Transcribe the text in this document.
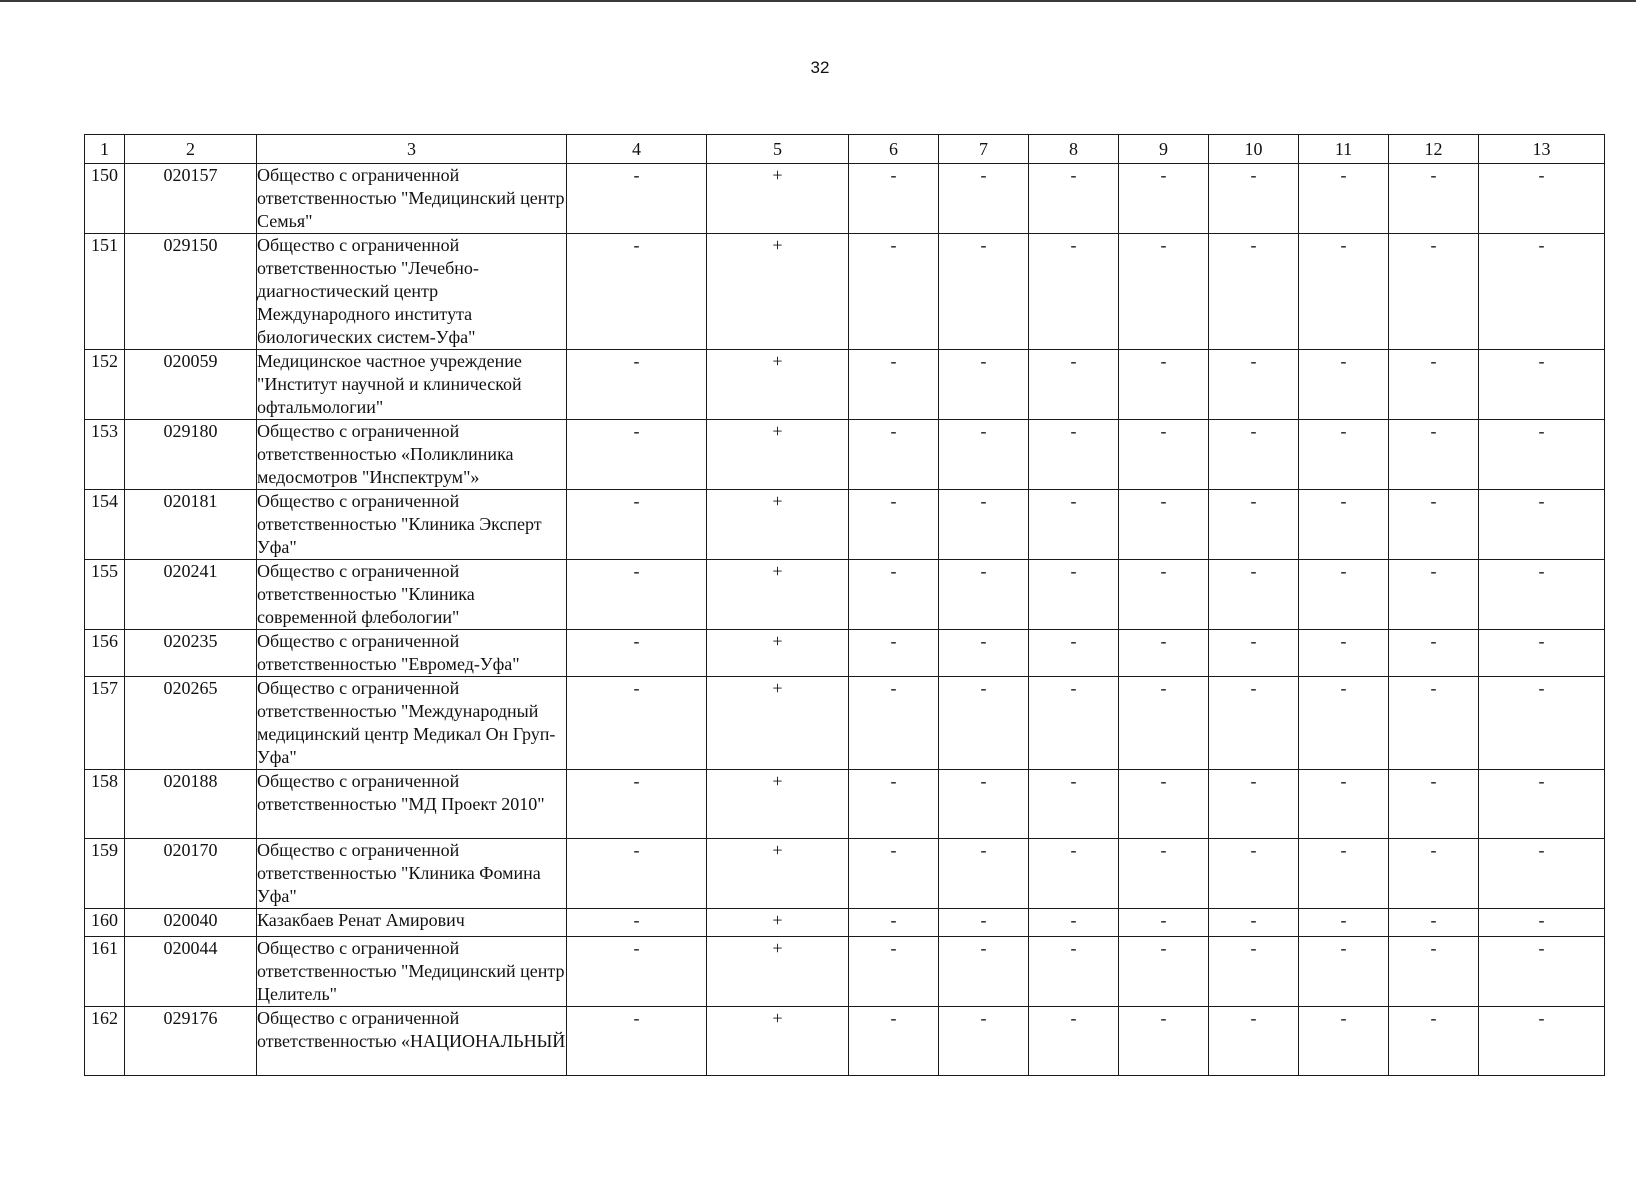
32
1	2	3	4	5	6	7	8	9	10	11	12	13
150	020157	Общество с ограниченной ответственностью "Медицинский центр Семья"	-	+	-	-	-	-	-	-	-	-
151	029150	Общество с ограниченной ответственностью "Лечебно-диагностический центр Международного института биологических систем-Уфа"	-	+	-	-	-	-	-	-	-	-
152	020059	Медицинское частное учреждение "Институт научной и клинической офтальмологии"	-	+	-	-	-	-	-	-	-	-
153	029180	Общество с ограниченной ответственностью «Поликлиника медосмотров "Инспектрум"»	-	+	-	-	-	-	-	-	-	-
154	020181	Общество с ограниченной ответственностью "Клиника Эксперт Уфа"	-	+	-	-	-	-	-	-	-	-
155	020241	Общество с ограниченной ответственностью "Клиника современной флебологии"	-	+	-	-	-	-	-	-	-	-
156	020235	Общество с ограниченной ответственностью "Евромед-Уфа"	-	+	-	-	-	-	-	-	-	-
157	020265	Общество с ограниченной ответственностью "Международный медицинский центр Медикал Он Груп-Уфа"	-	+	-	-	-	-	-	-	-	-
158	020188	Общество с ограниченной ответственностью "МД Проект 2010"	-	+	-	-	-	-	-	-	-	-
159	020170	Общество с ограниченной ответственностью "Клиника Фомина Уфа"	-	+	-	-	-	-	-	-	-	-
160	020040	Казакбаев Ренат Амирович	-	+	-	-	-	-	-	-	-	-
161	020044	Общество с ограниченной ответственностью "Медицинский центр Целитель"	-	+	-	-	-	-	-	-	-	-
162	029176	Общество с ограниченной ответственностью «НАЦИОНАЛЬНЫЙ	-	+	-	-	-	-	-	-	-	-
